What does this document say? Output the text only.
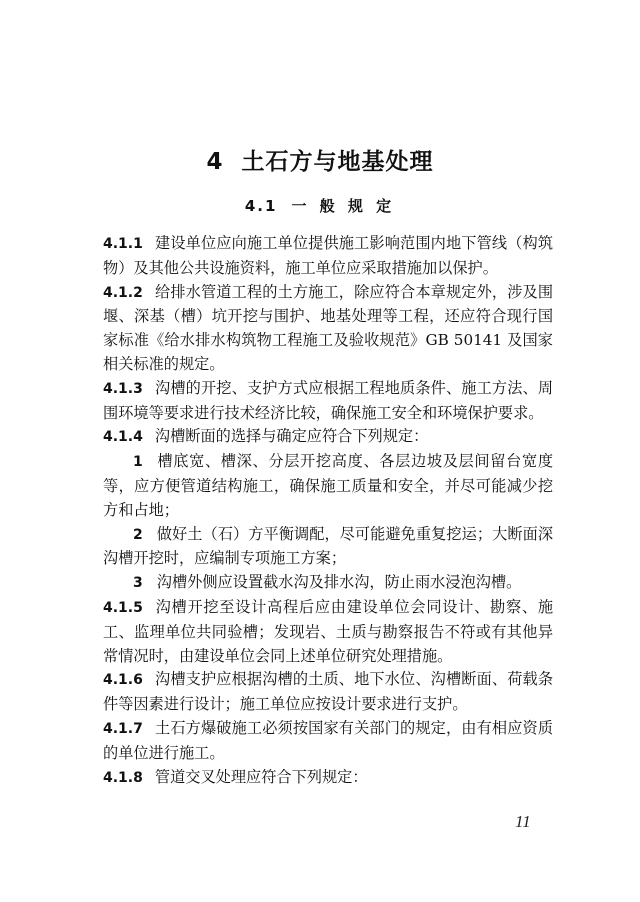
4 土石方与地基处理
4.1 一 般 规 定

4.1.1 建设单位应向施工单位提供施工影响范围内地下管线（构筑物）及其他公共设施资料，施工单位应采取措施加以保护。

4.1.2 给排水管道工程的土方施工，除应符合本章规定外，涉及围堰、深基（槽）坑开挖与围护、地基处理等工程，还应符合现行国家标准《给水排水构筑物工程施工及验收规范》GB 50141 及国家相关标准的规定。

4.1.3 沟槽的开挖、支护方式应根据工程地质条件、施工方法、周围环境等要求进行技术经济比较，确保施工安全和环境保护要求。

4.1.4 沟槽断面的选择与确定应符合下列规定：

1 槽底宽、槽深、分层开挖高度、各层边坡及层间留台宽度等，应方便管道结构施工，确保施工质量和安全，并尽可能减少挖方和占地；

2 做好土（石）方平衡调配，尽可能避免重复挖运；大断面深沟槽开挖时，应编制专项施工方案；

3 沟槽外侧应设置截水沟及排水沟，防止雨水浸泡沟槽。

4.1.5 沟槽开挖至设计高程后应由建设单位会同设计、勘察、施工、监理单位共同验槽；发现岩、土质与勘察报告不符或有其他异常情况时，由建设单位会同上述单位研究处理措施。

4.1.6 沟槽支护应根据沟槽的土质、地下水位、沟槽断面、荷载条件等因素进行设计；施工单位应按设计要求进行支护。

4.1.7 土石方爆破施工必须按国家有关部门的规定，由有相应资质的单位进行施工。

4.1.8 管道交叉处理应符合下列规定：

11
